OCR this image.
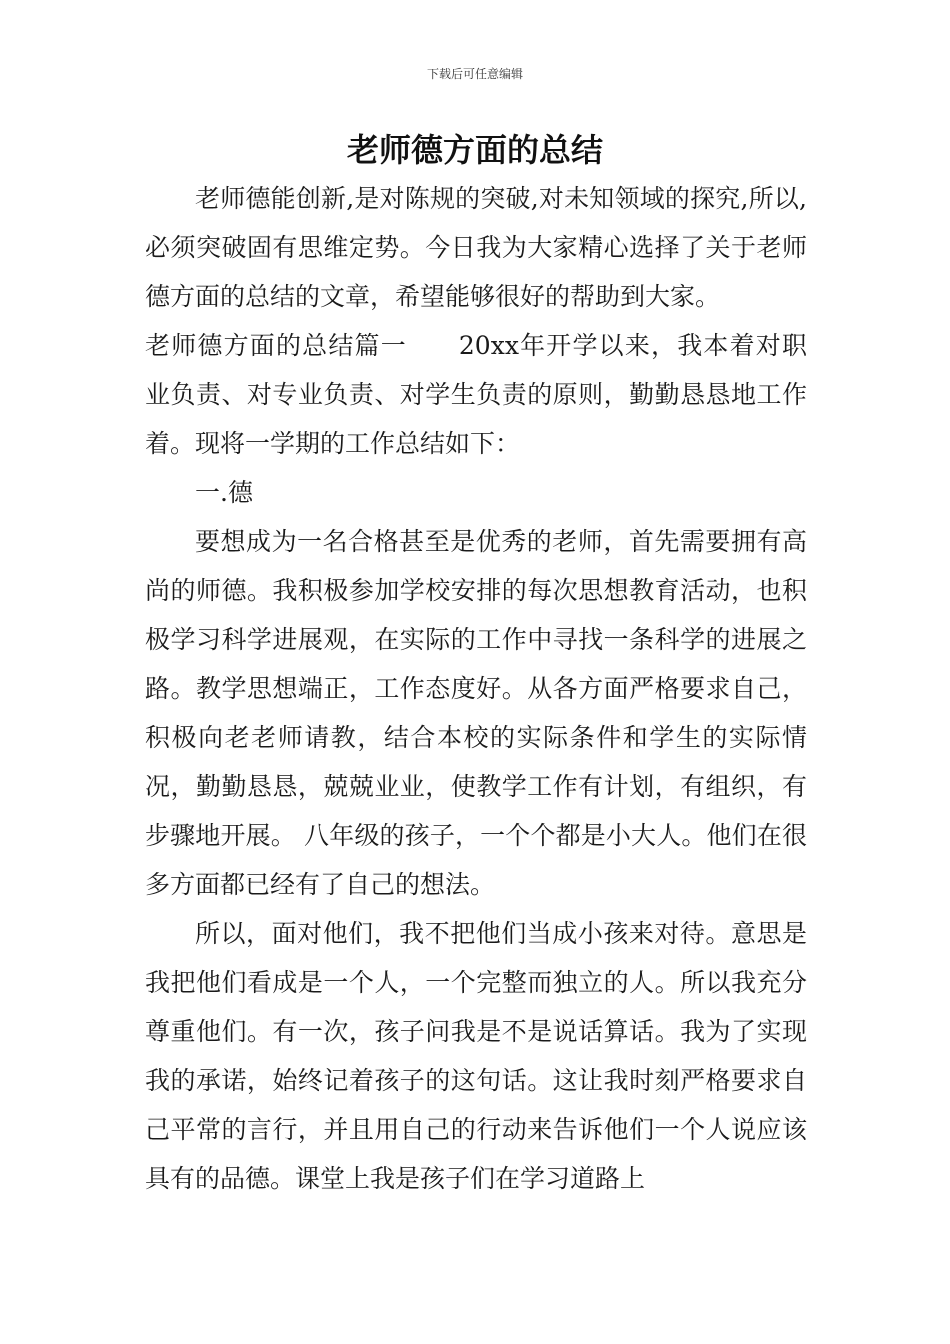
下载后可任意编辑
老师德方面的总结

老师德能创新,是对陈规的突破,对未知领域的探究,所以,必须突破固有思维定势。今日我为大家精心选择了关于老师德方面的总结的文章，希望能够很好的帮助到大家。

老师德方面的总结篇一 20xx年开学以来，我本着对职业负责、对专业负责、对学生负责的原则，勤勤恳恳地工作着。现将一学期的工作总结如下：

一.德

要想成为一名合格甚至是优秀的老师，首先需要拥有高尚的师德。我积极参加学校安排的每次思想教育活动，也积极学习科学进展观，在实际的工作中寻找一条科学的进展之路。教学思想端正，工作态度好。从各方面严格要求自己，积极向老老师请教，结合本校的实际条件和学生的实际情况，勤勤恳恳，兢兢业业，使教学工作有计划，有组织，有步骤地开展。 八年级的孩子，一个个都是小大人。他们在很多方面都已经有了自己的想法。

所以，面对他们，我不把他们当成小孩来对待。意思是我把他们看成是一个人，一个完整而独立的人。所以我充分尊重他们。有一次，孩子问我是不是说话算话。我为了实现我的承诺，始终记着孩子的这句话。这让我时刻严格要求自己平常的言行，并且用自己的行动来告诉他们一个人说应该具有的品德。课堂上我是孩子们在学习道路上
